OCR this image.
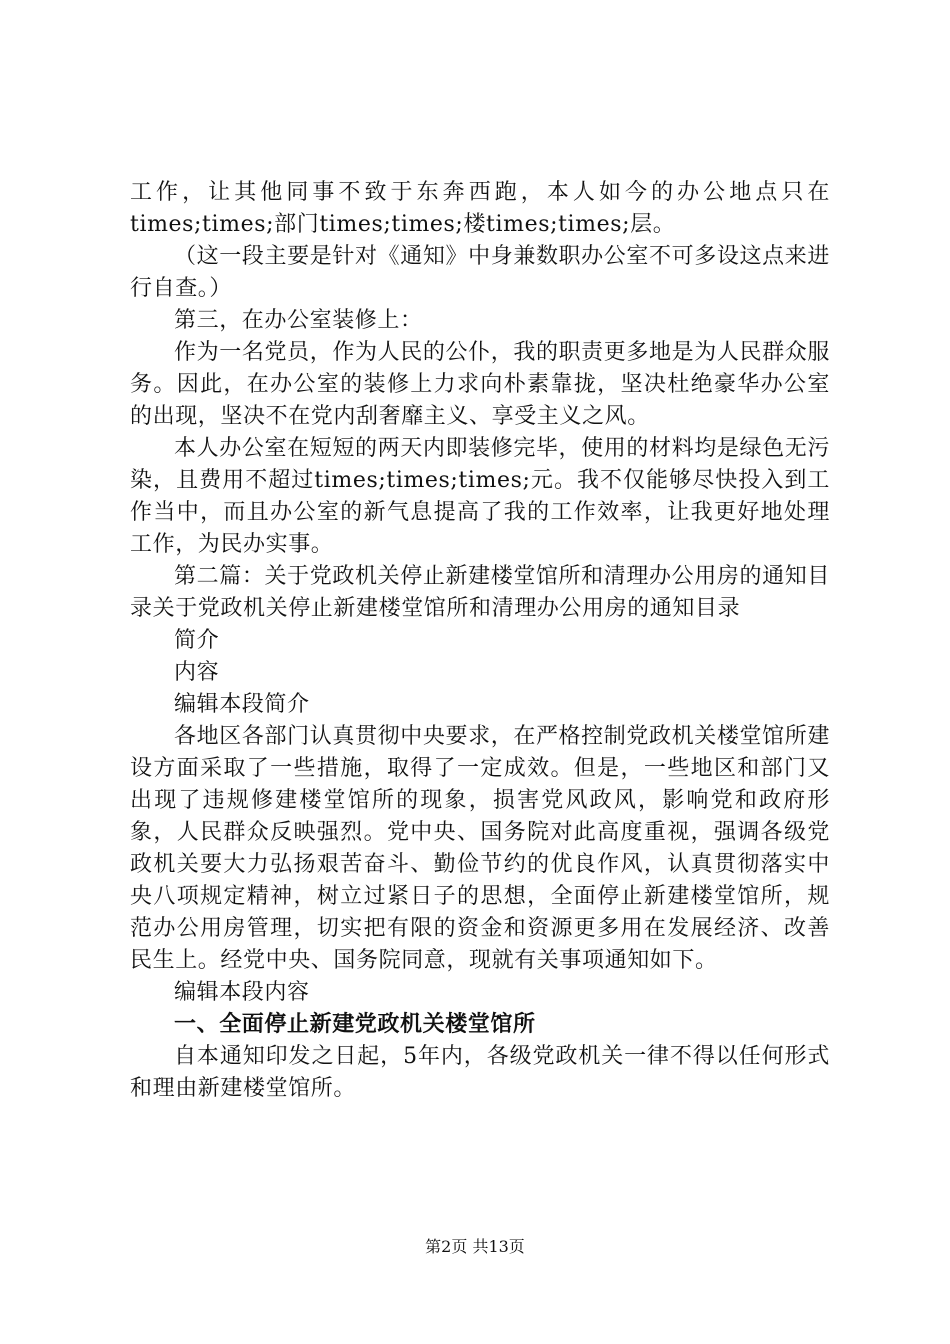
工作，让其他同事不致于东奔西跑，本人如今的办公地点只在times;times;部门times;times;楼times;times;层。

（这一段主要是针对《通知》中身兼数职办公室不可多设这点来进行自查。）

第三，在办公室装修上：

作为一名党员，作为人民的公仆，我的职责更多地是为人民群众服务。因此，在办公室的装修上力求向朴素靠拢，坚决杜绝豪华办公室的出现，坚决不在党内刮奢靡主义、享受主义之风。

本人办公室在短短的两天内即装修完毕，使用的材料均是绿色无污染，且费用不超过times;times;times;元。我不仅能够尽快投入到工作当中，而且办公室的新气息提高了我的工作效率，让我更好地处理工作，为民办实事。

第二篇：关于党政机关停止新建楼堂馆所和清理办公用房的通知目录关于党政机关停止新建楼堂馆所和清理办公用房的通知目录

简介

内容

编辑本段简介

各地区各部门认真贯彻中央要求，在严格控制党政机关楼堂馆所建设方面采取了一些措施，取得了一定成效。但是，一些地区和部门又出现了违规修建楼堂馆所的现象，损害党风政风，影响党和政府形象，人民群众反映强烈。党中央、国务院对此高度重视，强调各级党政机关要大力弘扬艰苦奋斗、勤俭节约的优良作风，认真贯彻落实中央八项规定精神，树立过紧日子的思想，全面停止新建楼堂馆所，规范办公用房管理，切实把有限的资金和资源更多用在发展经济、改善民生上。经党中央、国务院同意，现就有关事项通知如下。

编辑本段内容

一、全面停止新建党政机关楼堂馆所

自本通知印发之日起，5年内，各级党政机关一律不得以任何形式和理由新建楼堂馆所。

第2页 共13页
